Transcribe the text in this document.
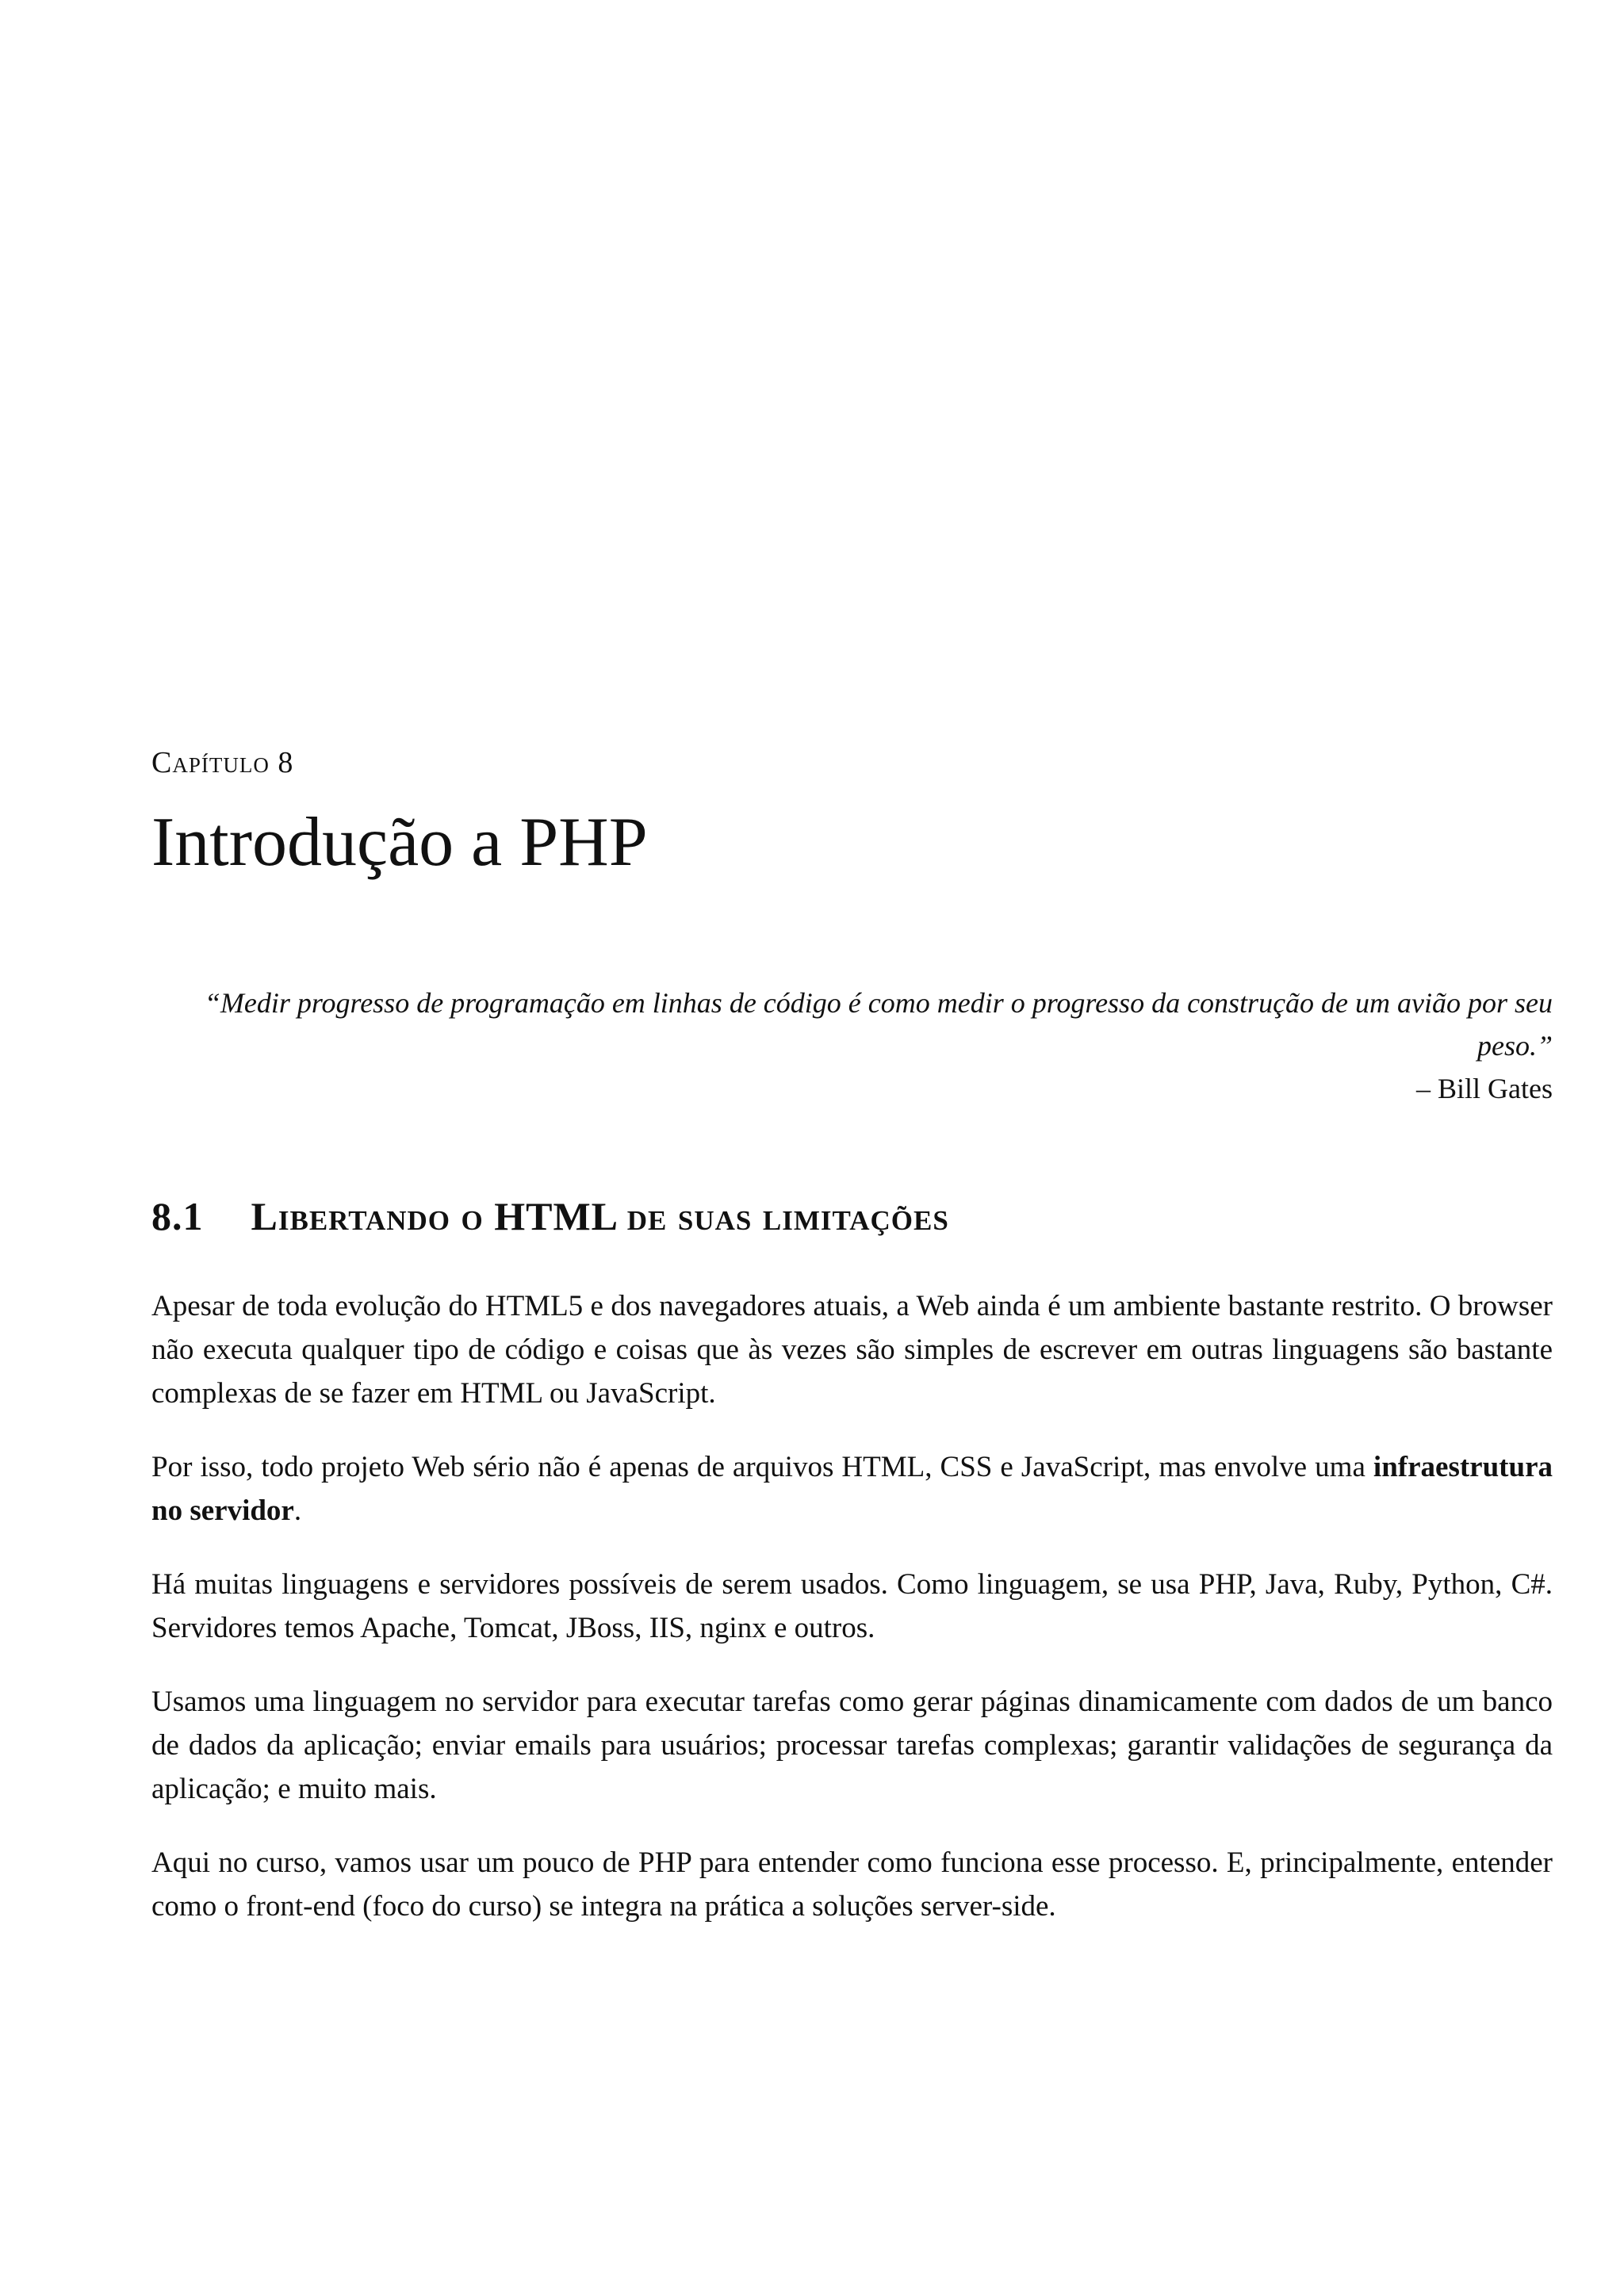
Capítulo 8
Introdução a PHP
“Medir progresso de programação em linhas de código é como medir o progresso da construção de um avião por seu peso.”
– Bill Gates
8.1 Libertando o HTML de suas limitações

Apesar de toda evolução do HTML5 e dos navegadores atuais, a Web ainda é um ambiente bastante restrito. O browser não executa qualquer tipo de código e coisas que às vezes são simples de escrever em outras linguagens são bastante complexas de se fazer em HTML ou JavaScript.

Por isso, todo projeto Web sério não é apenas de arquivos HTML, CSS e JavaScript, mas envolve uma infraestrutura no servidor.

Há muitas linguagens e servidores possíveis de serem usados. Como linguagem, se usa PHP, Java, Ruby, Python, C#. Servidores temos Apache, Tomcat, JBoss, IIS, nginx e outros.

Usamos uma linguagem no servidor para executar tarefas como gerar páginas dinamicamente com dados de um banco de dados da aplicação; enviar emails para usuários; processar tarefas complexas; garantir validações de segurança da aplicação; e muito mais.

Aqui no curso, vamos usar um pouco de PHP para entender como funciona esse processo. E, principalmente, entender como o front-end (foco do curso) se integra na prática a soluções server-side.
